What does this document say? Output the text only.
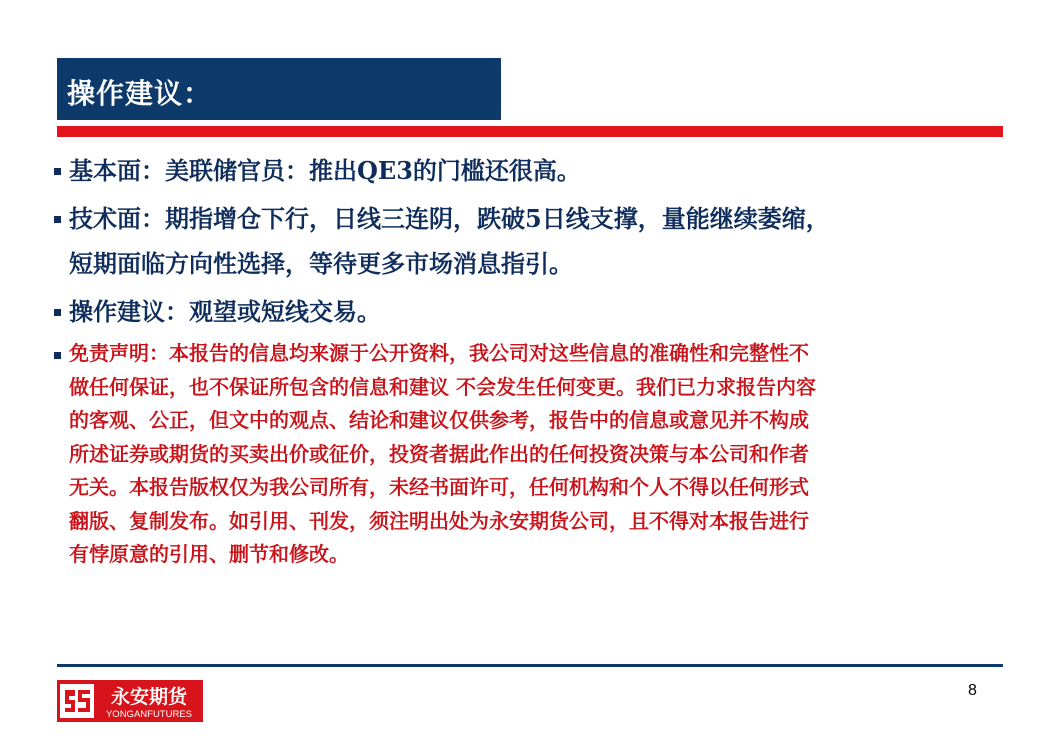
操作建议：
基本面：美联储官员：推出QE3的门槛还很高。
技术面：期指增仓下行，日线三连阴，跌破5日线支撑，量能继续萎缩，
短期面临方向性选择，等待更多市场消息指引。
操作建议：观望或短线交易。
免责声明：本报告的信息均来源于公开资料，我公司对这些信息的准确性和完整性不
做任何保证，也不保证所包含的信息和建议 不会发生任何变更。我们已力求报告内容
的客观、公正，但文中的观点、结论和建议仅供参考，报告中的信息或意见并不构成
所述证券或期货的买卖出价或征价，投资者据此作出的任何投资决策与本公司和作者
无关。本报告版权仅为我公司所有，未经书面许可，任何机构和个人不得以任何形式
翻版、复制发布。如引用、刊发，须注明出处为永安期货公司，且不得对本报告进行
有悖原意的引用、删节和修改。
永安期货
YONGANFUTURES
8
